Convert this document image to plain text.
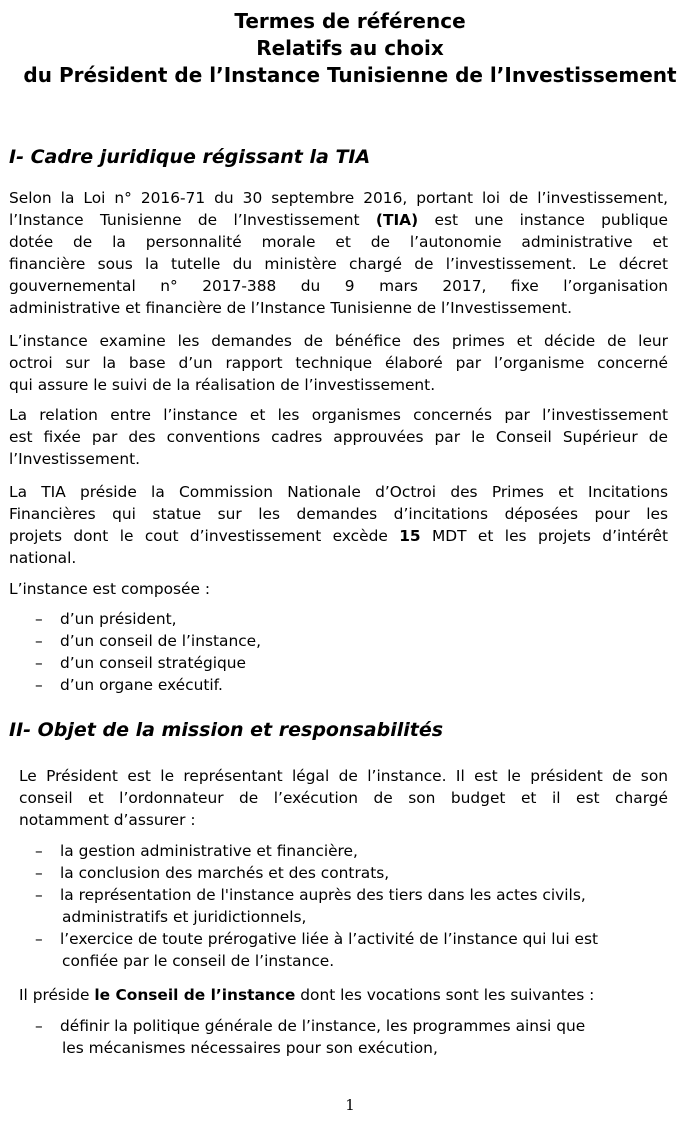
Termes de référence
Relatifs au choix
du Président de l’Instance Tunisienne de l’Investissement
I- Cadre juridique régissant la TIA
Selon la Loi n° 2016-71 du 30 septembre 2016, portant loi de l’investissement,
l’Instance Tunisienne de l’Investissement (TIA) est une instance publique
dotée de la personnalité morale et de l’autonomie administrative et
financière sous la tutelle du ministère chargé de l’investissement. Le décret
gouvernemental n° 2017-388 du 9 mars 2017, fixe l’organisation
administrative et financière de l’Instance Tunisienne de l’Investissement.
L’instance examine les demandes de bénéfice des primes et décide de leur
octroi sur la base d’un rapport technique élaboré par l’organisme concerné
qui assure le suivi de la réalisation de l’investissement.
La relation entre l’instance et les organismes concernés par l’investissement
est fixée par des conventions cadres approuvées par le Conseil Supérieur de
l’Investissement.
La TIA préside la Commission Nationale d’Octroi des Primes et Incitations
Financières qui statue sur les demandes d’incitations déposées pour les
projets dont le cout d’investissement excède 15 MDT et les projets d’intérêt
national.
L’instance est composée :
– d’un président,
– d’un conseil de l’instance,
– d’un conseil stratégique
– d’un organe exécutif.
II- Objet de la mission et responsabilités
Le Président est le représentant légal de l’instance. Il est le président de son
conseil et l’ordonnateur de l’exécution de son budget et il est chargé
notamment d’assurer :
– la gestion administrative et financière,
– la conclusion des marchés et des contrats,
– la représentation de l'instance auprès des tiers dans les actes civils,
administratifs et juridictionnels,
– l’exercice de toute prérogative liée à l’activité de l’instance qui lui est
confiée par le conseil de l’instance.
Il préside le Conseil de l’instance dont les vocations sont les suivantes :
– définir la politique générale de l’instance, les programmes ainsi que
les mécanismes nécessaires pour son exécution,
1
